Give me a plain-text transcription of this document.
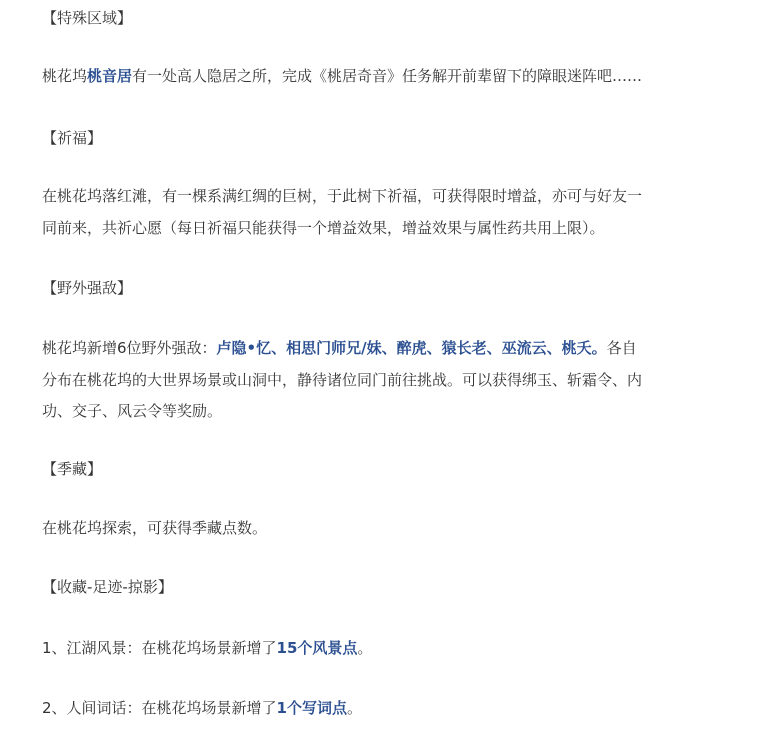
【特殊区域】
桃花坞桃音居有一处高人隐居之所，完成《桃居奇音》任务解开前辈留下的障眼迷阵吧……
【祈福】
在桃花坞落红滩，有一棵系满红绸的巨树，于此树下祈福，可获得限时增益，亦可与好友一
同前来，共祈心愿（每日祈福只能获得一个增益效果，增益效果与属性药共用上限）。
【野外强敌】
桃花坞新增6位野外强敌：卢隐•忆、相思门师兄/妹、醉虎、猿长老、巫流云、桃夭。各自
分布在桃花坞的大世界场景或山洞中，静待诸位同门前往挑战。可以获得绑玉、斩霜令、内
功、交子、风云令等奖励。
【季藏】
在桃花坞探索，可获得季藏点数。
【收藏-足迹-掠影】
1、江湖风景：在桃花坞场景新增了15个风景点。
2、人间词话：在桃花坞场景新增了1个写词点。
